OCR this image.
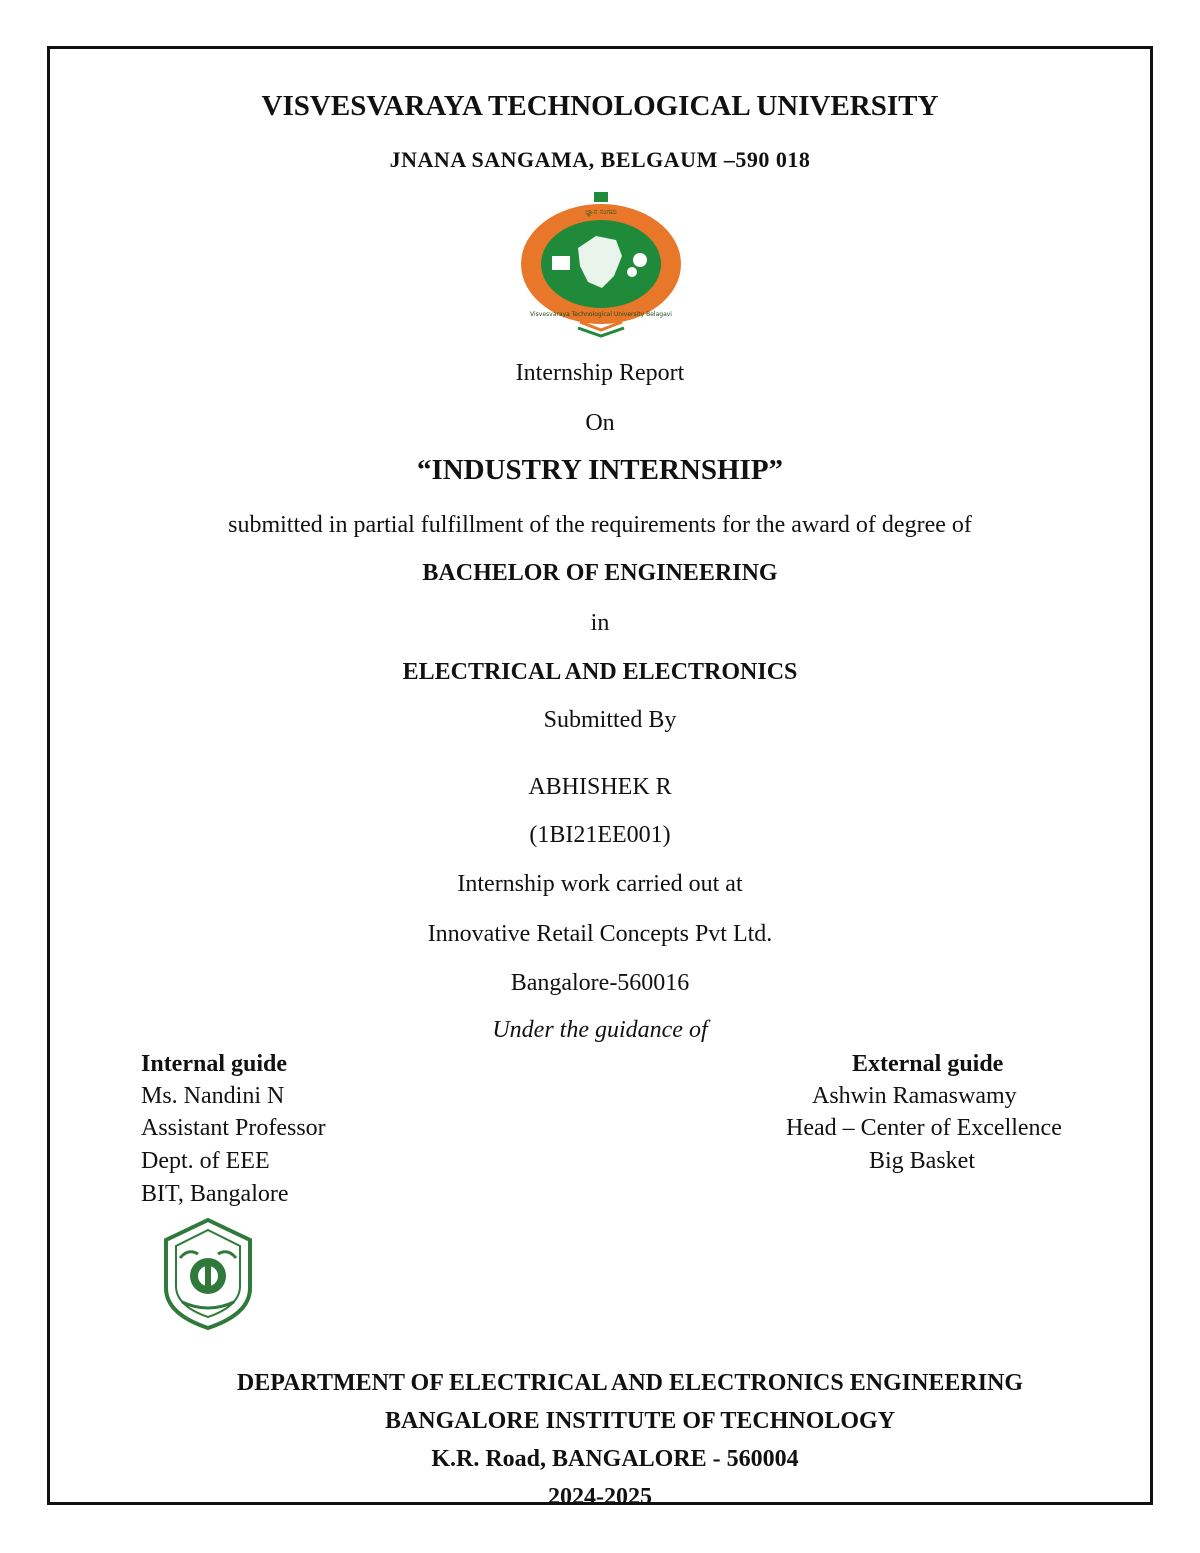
VISVESVARAYA TECHNOLOGICAL UNIVERSITY
JNANA SANGAMA, BELGAUM –590 018
ಜ್ಞಾನ ಸಂಗಮ
Visvesvaraya Technological University Belagavi
Internship Report
On
“INDUSTRY INTERNSHIP”
submitted in partial fulfillment of the requirements for the award of degree of
BACHELOR OF ENGINEERING
in
ELECTRICAL AND ELECTRONICS
Submitted By
ABHISHEK R
(1BI21EE001)
Internship work carried out at
Innovative Retail Concepts Pvt Ltd.
Bangalore-560016
Under the guidance of
Internal guide
Ms. Nandini N
Assistant Professor
Dept. of EEE
BIT, Bangalore
External guide
Ashwin Ramaswamy
Head – Center of Excellence
Big Basket
DEPARTMENT OF ELECTRICAL AND ELECTRONICS ENGINEERING
BANGALORE INSTITUTE OF TECHNOLOGY
K.R. Road, BANGALORE - 560004
2024-2025
